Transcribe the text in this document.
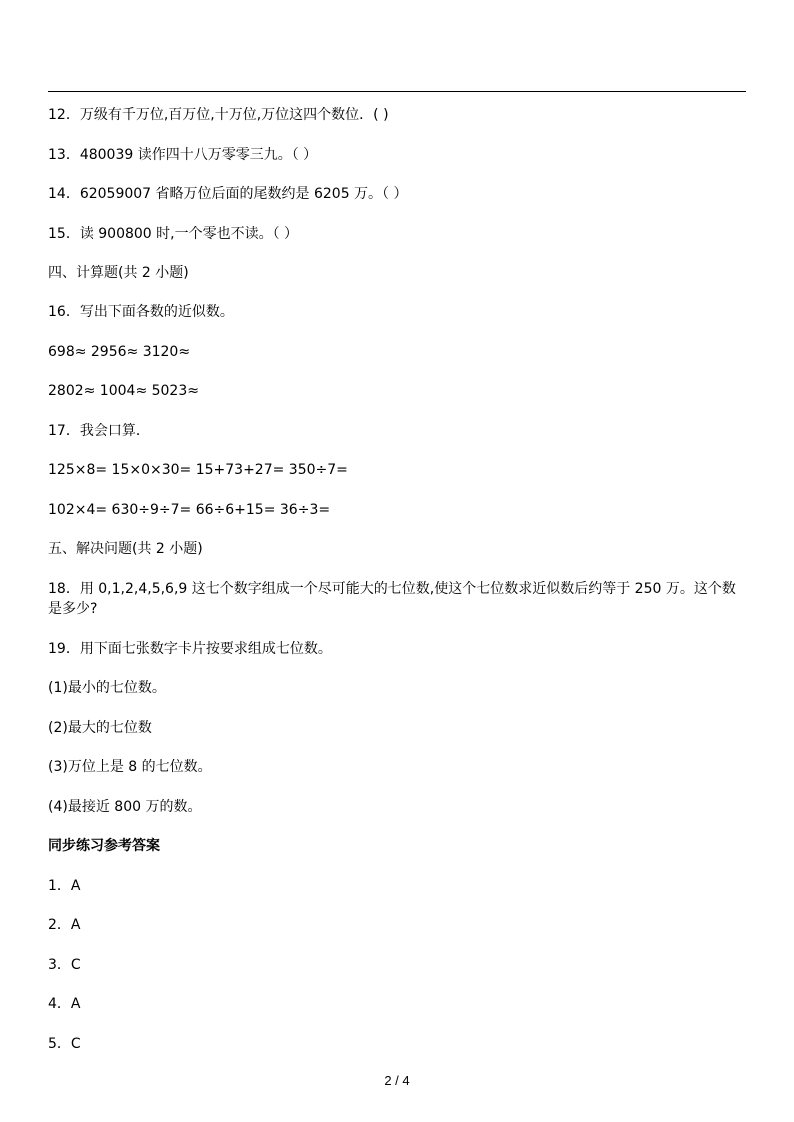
12．万级有千万位,百万位,十万位,万位这四个数位．( )
13．480039 读作四十八万零零三九。（ ）
14．62059007 省略万位后面的尾数约是 6205 万。（ ）
15．读 900800 时,一个零也不读。（ ）
四、计算题(共 2 小题)
16．写出下面各数的近似数。
698≈ 2956≈ 3120≈
2802≈ 1004≈ 5023≈
17．我会口算．
125×8= 15×0×30= 15+73+27= 350÷7=
102×4= 630÷9÷7= 66÷6+15= 36÷3=
五、解决问题(共 2 小题)
18．用 0,1,2,4,5,6,9 这七个数字组成一个尽可能大的七位数,使这个七位数求近似数后约等于 250 万。这个数是多少?
19．用下面七张数字卡片按要求组成七位数。
(1)最小的七位数。
(2)最大的七位数
(3)万位上是 8 的七位数。
(4)最接近 800 万的数。
同步练习参考答案
1．A
2．A
3．C
4．A
5．C
2 / 4
